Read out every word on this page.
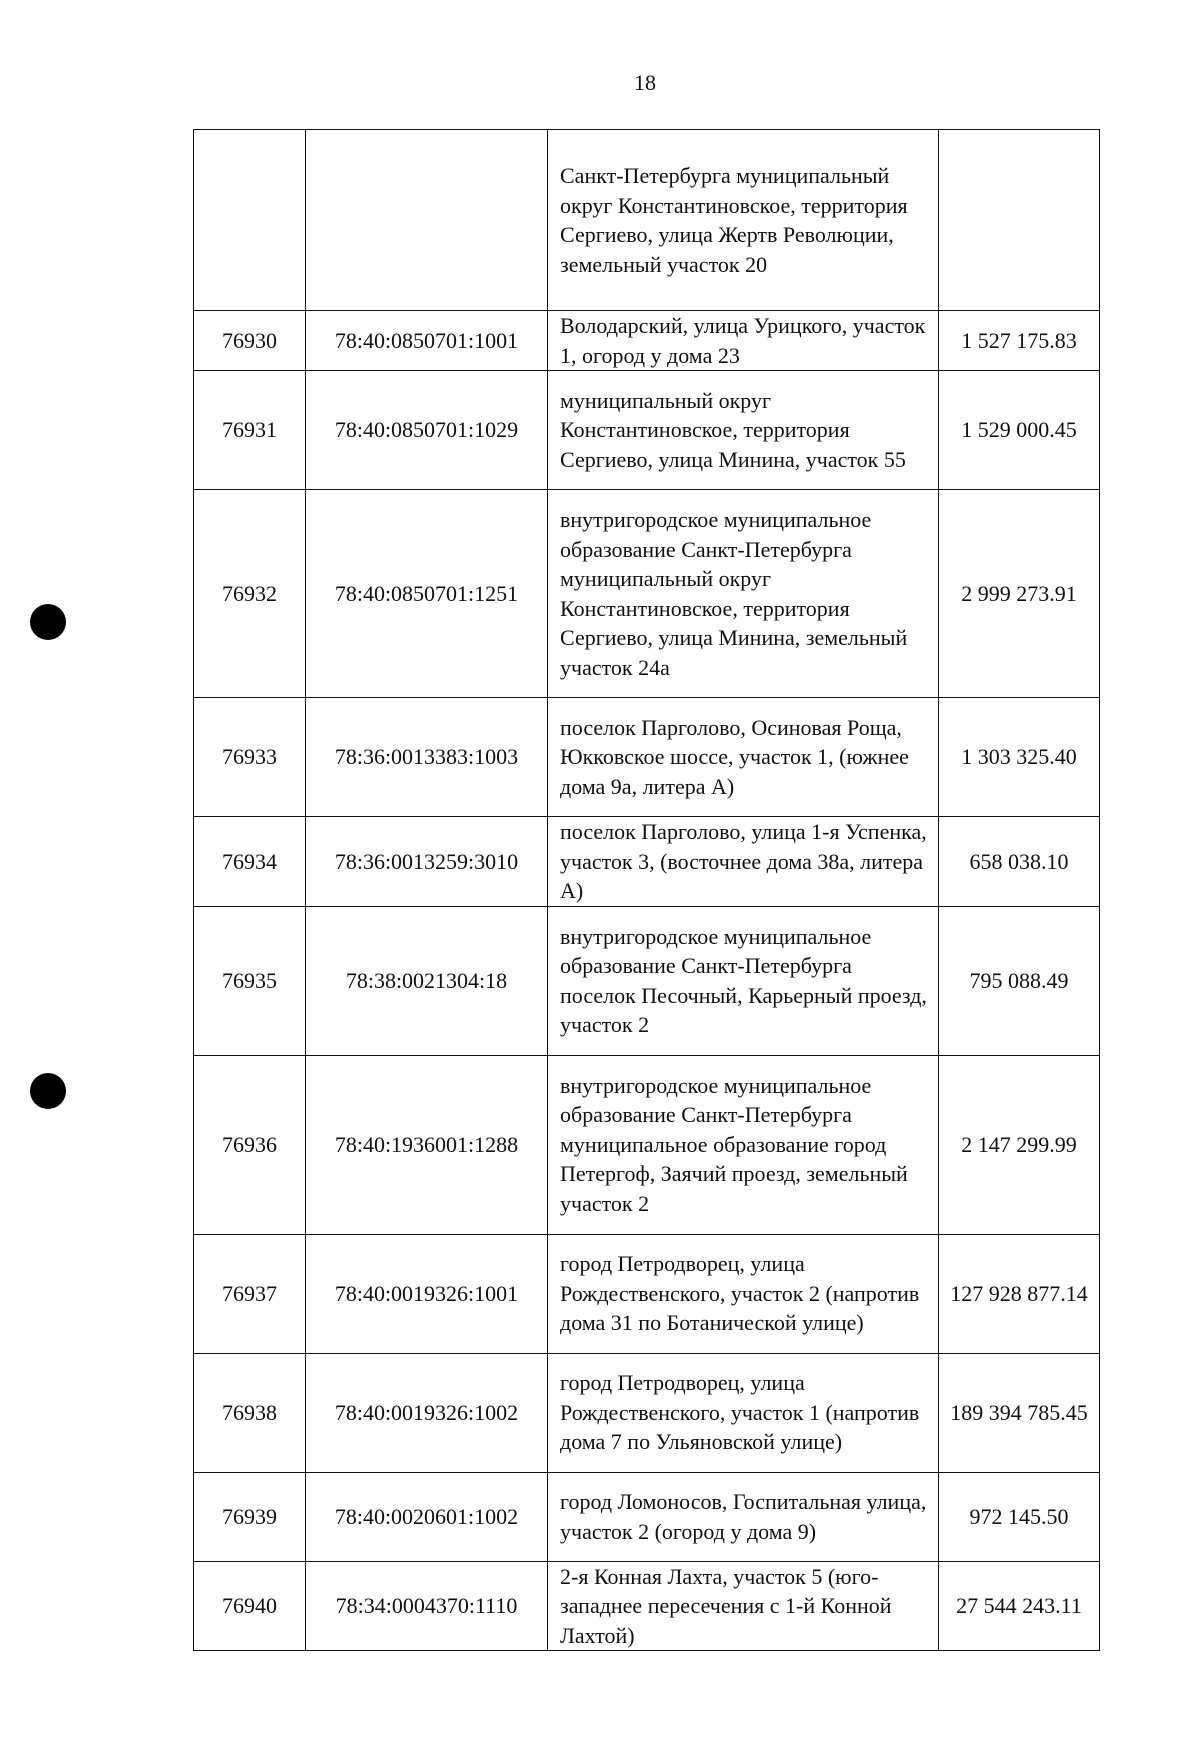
18
		Санкт-Петербурга муниципальный округ Константиновское, территория Сергиево, улица Жертв Революции, земельный участок 20	
76930	78:40:0850701:1001	Володарский, улица Урицкого, участок 1, огород у дома 23	1 527 175.83
76931	78:40:0850701:1029	муниципальный округ Константиновское, территория Сергиево, улица Минина, участок 55	1 529 000.45
76932	78:40:0850701:1251	внутригородское муниципальное образование Санкт-Петербурга муниципальный округ Константиновское, территория Сергиево, улица Минина, земельный участок 24а	2 999 273.91
76933	78:36:0013383:1003	поселок Парголово, Осиновая Роща, Юкковское шоссе, участок 1, (южнее дома 9а, литера А)	1 303 325.40
76934	78:36:0013259:3010	поселок Парголово, улица 1-я Успенка, участок 3, (восточнее дома 38а, литера А)	658 038.10
76935	78:38:0021304:18	внутригородское муниципальное образование Санкт-Петербурга поселок Песочный, Карьерный проезд, участок 2	795 088.49
76936	78:40:1936001:1288	внутригородское муниципальное образование Санкт-Петербурга муниципальное образование город Петергоф, Заячий проезд, земельный участок 2	2 147 299.99
76937	78:40:0019326:1001	город Петродворец, улица Рождественского, участок 2 (напротив дома 31 по Ботанической улице)	127 928 877.14
76938	78:40:0019326:1002	город Петродворец, улица Рождественского, участок 1 (напротив дома 7 по Ульяновской улице)	189 394 785.45
76939	78:40:0020601:1002	город Ломоносов, Госпитальная улица, участок 2 (огород у дома 9)	972 145.50
76940	78:34:0004370:1110	2-я Конная Лахта, участок 5 (юго-западнее пересечения с 1-й Конной Лахтой)	27 544 243.11
